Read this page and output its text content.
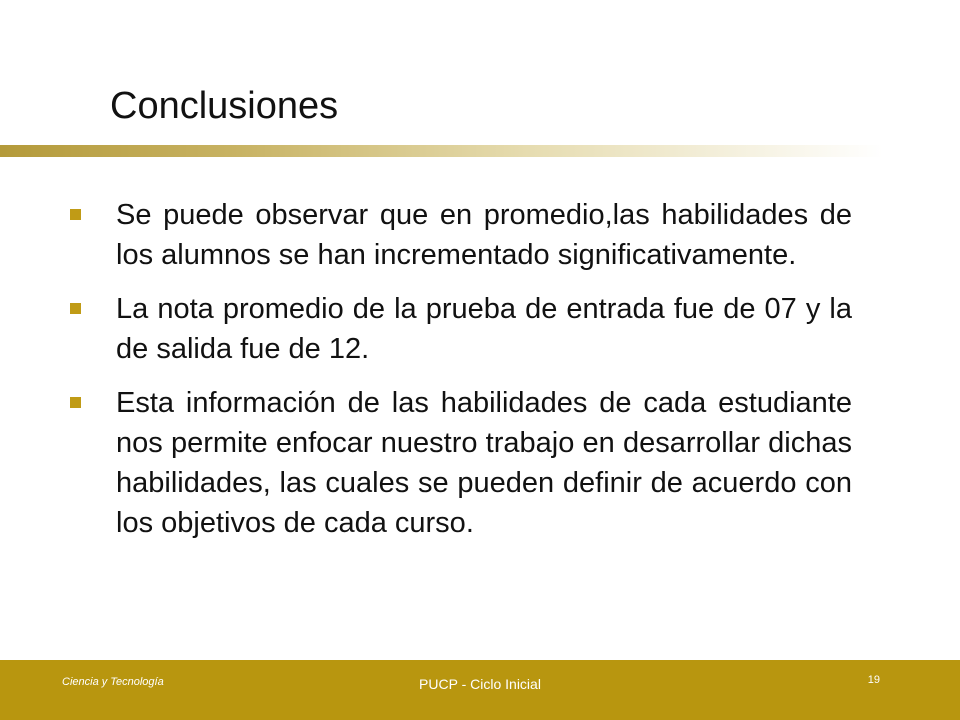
Conclusiones
Se puede observar que en promedio,las habilidades de los alumnos se han incrementado significativamente.
La nota promedio de la prueba de entrada fue de 07 y la de salida fue de 12.
Esta información de las habilidades de cada estudiante nos permite enfocar nuestro trabajo en desarrollar dichas habilidades, las cuales se pueden definir de acuerdo con los objetivos de cada curso.
Ciencia y Tecnología	PUCP - Ciclo Inicial	19
